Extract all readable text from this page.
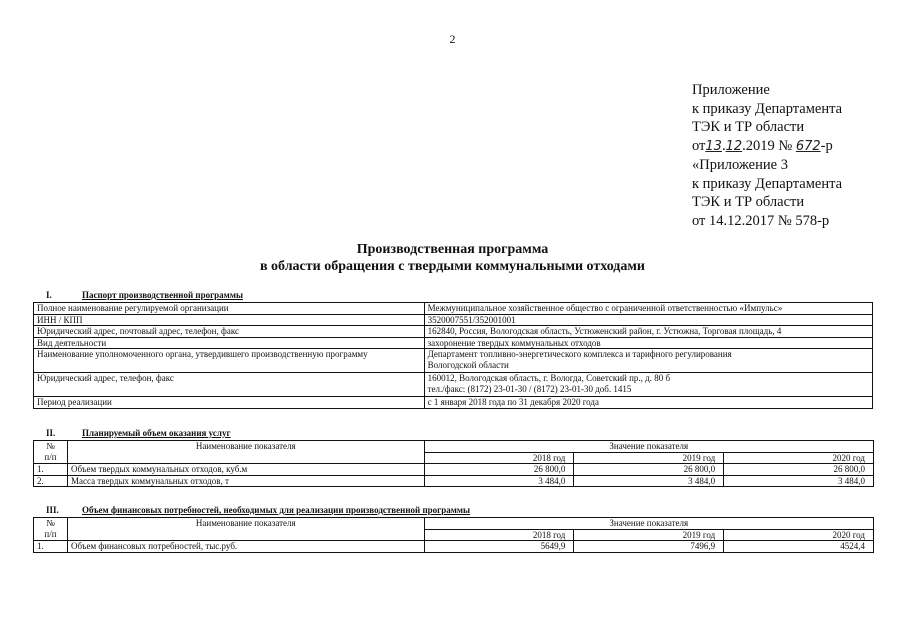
2
Приложение
к приказу Департамента
ТЭК и ТР области
от13.12.2019 № 672-р
«Приложение 3
к приказу Департамента
ТЭК и ТР области
от 14.12.2017 № 578-р
Производственная программа
в области обращения с твердыми коммунальными отходами
I.	Паспорт производственной программы
Полное наименование регулируемой организации	Межмуниципальное хозяйственное общество с ограниченной ответственностью «Импульс»
ИНН / КПП	3520007551/352001001
Юридический адрес, почтовый адрес, телефон, факс	162840, Россия, Вологодская область, Устюженский район, г. Устюжна, Торговая площадь, 4
Вид деятельности	захоронение твердых коммунальных отходов
Наименование уполномоченного органа, утвердившего производственную программу	Департамент топливно-энергетического комплекса и тарифного регулирования
Вологодской области

Юридический адрес, телефон, факс	160012, Вологодская область, г. Вологда, Советский пр., д. 80 б
тел./факс: (8172) 23-01-30 / (8172) 23-01-30 доб. 1415

Период реализации	с 1 января 2018 года по 31 декабря 2020 года
II.	Планируемый объем оказания услуг
№
п/п	Наименование показателя	Значение показателя		
		2018 год	2019 год	2020 год
1.	Объем твердых коммунальных отходов, куб.м	26 800,0	26 800,0	26 800,0
2.	Масса твердых коммунальных отходов, т	3 484,0	3 484,0	3 484,0
III.	Объем финансовых потребностей, необходимых для реализации производственной программы
№
п/п	Наименование показателя	Значение показателя		
		2018 год	2019 год	2020 год
1.	Объем финансовых потребностей, тыс.руб.	5649,9	7496,9	4524,4
